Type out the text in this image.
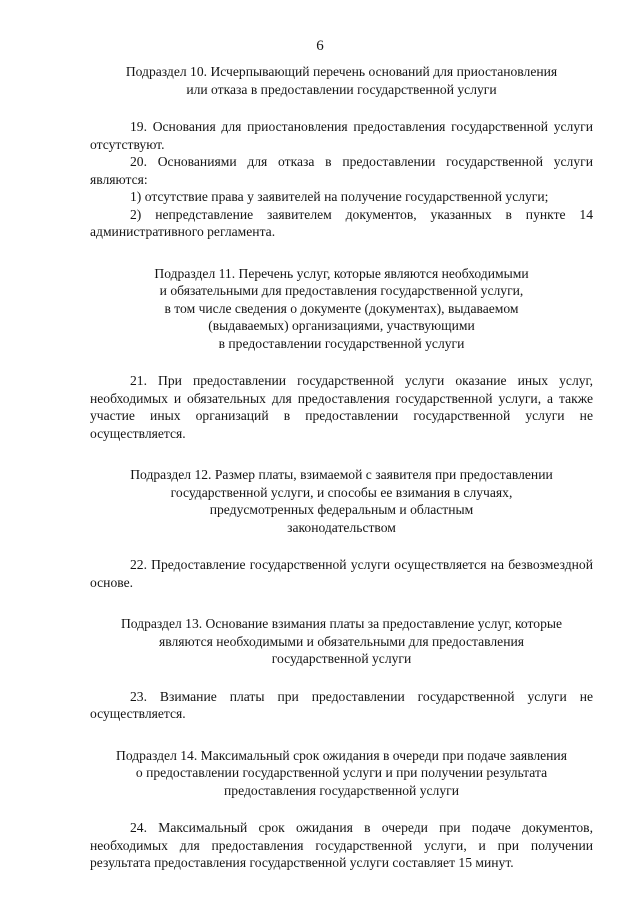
6
Подраздел 10. Исчерпывающий перечень оснований для приостановления
или отказа в предоставлении государственной услуги

19. Основания для приостановления предоставления государственной услуги отсутствуют.

20. Основаниями для отказа в предоставлении государственной услуги являются:

1) отсутствие права у заявителей на получение государственной услуги;

2) непредставление заявителем документов, указанных в пункте 14 административного регламента.

Подраздел 11. Перечень услуг, которые являются необходимыми
и обязательными для предоставления государственной услуги,
в том числе сведения о документе (документах), выдаваемом
(выдаваемых) организациями, участвующими
в предоставлении государственной услуги

21. При предоставлении государственной услуги оказание иных услуг, необходимых и обязательных для предоставления государственной услуги, а также участие иных организаций в предоставлении государственной услуги не осуществляется.

Подраздел 12. Размер платы, взимаемой с заявителя при предоставлении
государственной услуги, и способы ее взимания в случаях,
предусмотренных федеральным и областным
законодательством

22. Предоставление государственной услуги осуществляется на безвозмездной основе.

Подраздел 13. Основание взимания платы за предоставление услуг, которые
являются необходимыми и обязательными для предоставления
государственной услуги

23. Взимание платы при предоставлении государственной услуги не осуществляется.

Подраздел 14. Максимальный срок ожидания в очереди при подаче заявления
о предоставлении государственной услуги и при получении результата
предоставления государственной услуги

24. Максимальный срок ожидания в очереди при подаче документов, необходимых для предоставления государственной услуги, и при получении результата предоставления государственной услуги составляет 15 минут.
